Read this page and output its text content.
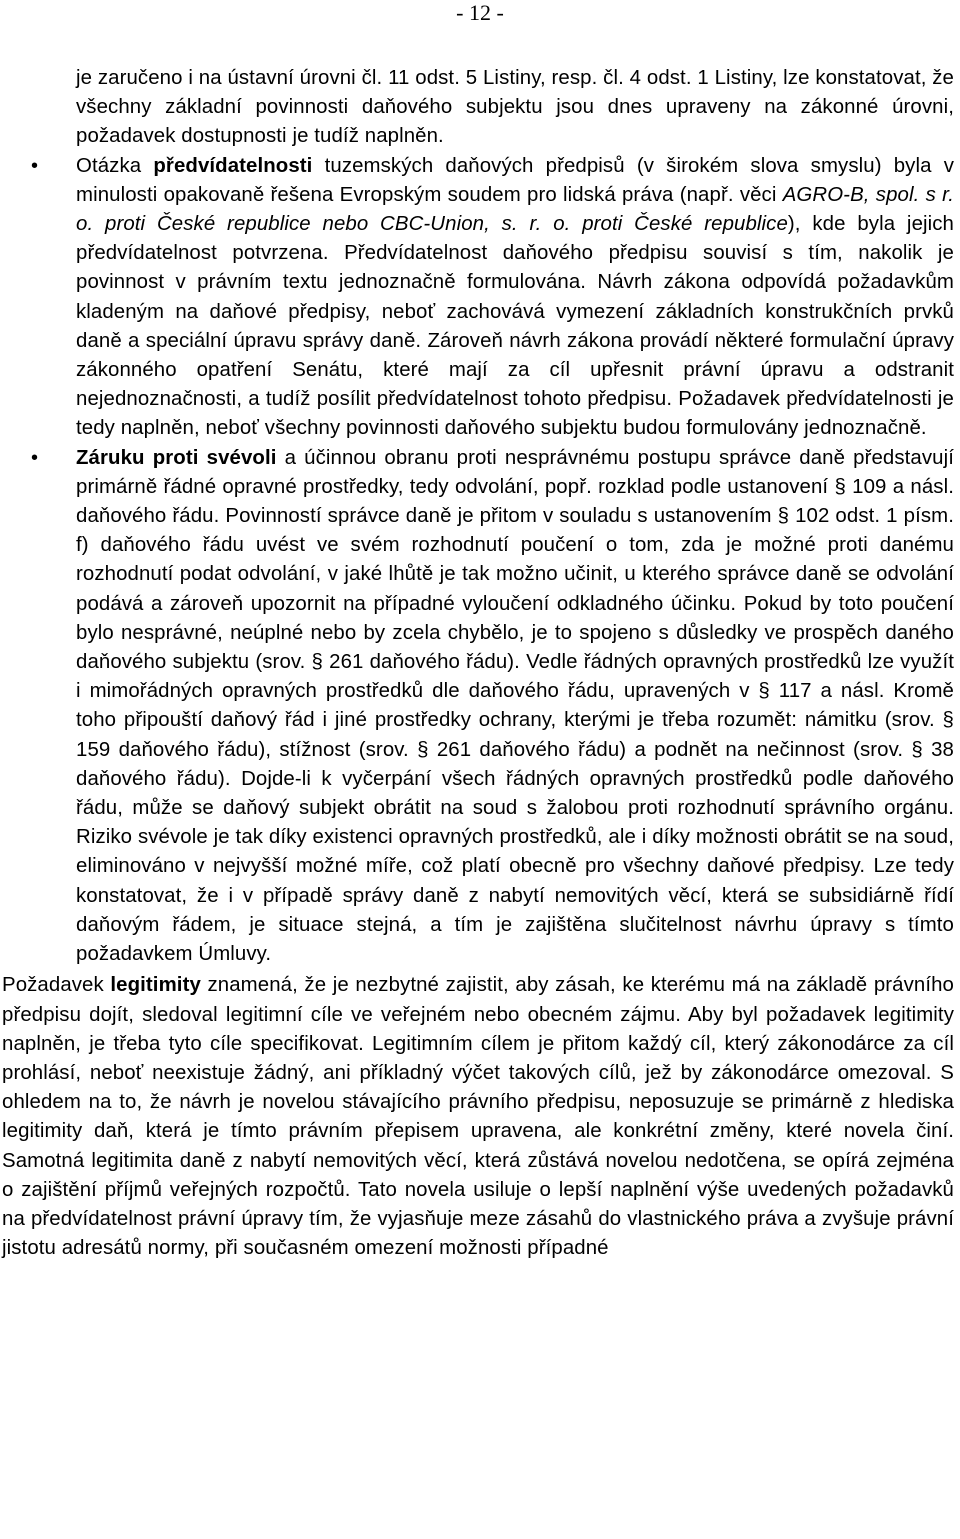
- 12 -

je zaručeno i na ústavní úrovni čl. 11 odst. 5 Listiny, resp. čl. 4 odst. 1 Listiny, lze konstatovat, že všechny základní povinnosti daňového subjektu jsou dnes upraveny na zákonné úrovni, požadavek dostupnosti je tudíž naplněn.

• Otázka předvídatelnosti tuzemských daňových předpisů (v širokém slova smyslu) byla v minulosti opakovaně řešena Evropským soudem pro lidská práva (např. věci AGRO-B, spol. s r. o. proti České republice nebo CBC-Union, s. r. o. proti České republice), kde byla jejich předvídatelnost potvrzena. Předvídatelnost daňového předpisu souvisí s tím, nakolik je povinnost v právním textu jednoznačně formulována. Návrh zákona odpovídá požadavkům kladeným na daňové předpisy, neboť zachovává vymezení základních konstrukčních prvků daně a speciální úpravu správy daně. Zároveň návrh zákona provádí některé formulační úpravy zákonného opatření Senátu, které mají za cíl upřesnit právní úpravu a odstranit nejednoznačnosti, a tudíž posílit předvídatelnost tohoto předpisu. Požadavek předvídatelnosti je tedy naplněn, neboť všechny povinnosti daňového subjektu budou formulovány jednoznačně.
• Záruku proti svévoli a účinnou obranu proti nesprávnému postupu správce daně představují primárně řádné opravné prostředky, tedy odvolání, popř. rozklad podle ustanovení § 109 a násl. daňového řádu. Povinností správce daně je přitom v souladu s ustanovením § 102 odst. 1 písm. f) daňového řádu uvést ve svém rozhodnutí poučení o tom, zda je možné proti danému rozhodnutí podat odvolání, v jaké lhůtě je tak možno učinit, u kterého správce daně se odvolání podává a zároveň upozornit na případné vyloučení odkladného účinku. Pokud by toto poučení bylo nesprávné, neúplné nebo by zcela chybělo, je to spojeno s důsledky ve prospěch daného daňového subjektu (srov. § 261 daňového řádu). Vedle řádných opravných prostředků lze využít i mimořádných opravných prostředků dle daňového řádu, upravených v § 117 a násl. Kromě toho připouští daňový řád i jiné prostředky ochrany, kterými je třeba rozumět: námitku (srov. § 159 daňového řádu), stížnost (srov. § 261 daňového řádu) a podnět na nečinnost (srov. § 38 daňového řádu). Dojde-li k vyčerpání všech řádných opravných prostředků podle daňového řádu, může se daňový subjekt obrátit na soud s žalobou proti rozhodnutí správního orgánu. Riziko svévole je tak díky existenci opravných prostředků, ale i díky možnosti obrátit se na soud, eliminováno v nejvyšší možné míře, což platí obecně pro všechny daňové předpisy. Lze tedy konstatovat, že i v případě správy daně z nabytí nemovitých věcí, která se subsidiárně řídí daňovým řádem, je situace stejná, a tím je zajištěna slučitelnost návrhu úpravy s tímto požadavkem Úmluvy.

Požadavek legitimity znamená, že je nezbytné zajistit, aby zásah, ke kterému má na základě právního předpisu dojít, sledoval legitimní cíle ve veřejném nebo obecném zájmu. Aby byl požadavek legitimity naplněn, je třeba tyto cíle specifikovat. Legitimním cílem je přitom každý cíl, který zákonodárce za cíl prohlásí, neboť neexistuje žádný, ani příkladný výčet takových cílů, jež by zákonodárce omezoval. S ohledem na to, že návrh je novelou stávajícího právního předpisu, neposuzuje se primárně z hlediska legitimity daň, která je tímto právním přepisem upravena, ale konkrétní změny, které novela činí. Samotná legitimita daně z nabytí nemovitých věcí, která zůstává novelou nedotčena, se opírá zejména o zajištění příjmů veřejných rozpočtů. Tato novela usiluje o lepší naplnění výše uvedených požadavků na předvídatelnost právní úpravy tím, že vyjasňuje meze zásahů do vlastnického práva a zvyšuje právní jistotu adresátů normy, při současném omezení možnosti případné
